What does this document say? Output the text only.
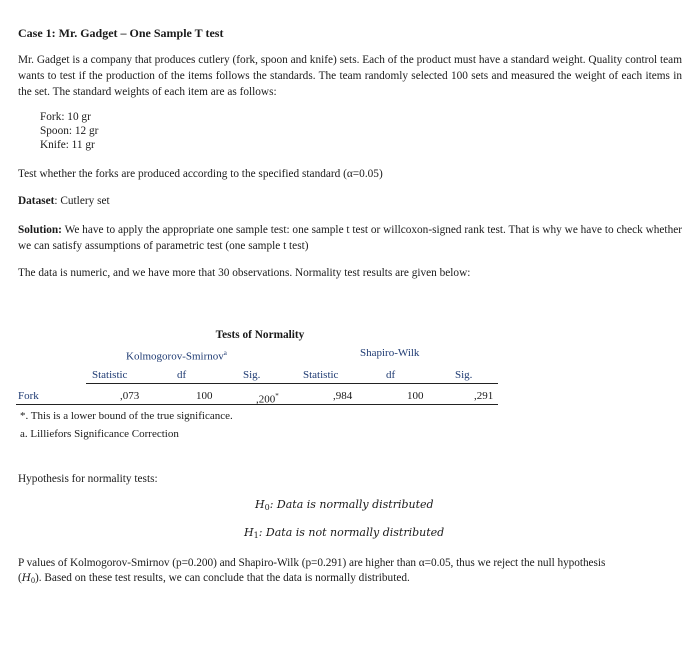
Case 1: Mr. Gadget – One Sample T test
Mr. Gadget is a company that produces cutlery (fork, spoon and knife) sets. Each of the product must have a standard weight. Quality control team wants to test if the production of the items follows the standards. The team randomly selected 100 sets and measured the weight of each items in the set. The standard weights of each item are as follows:
Fork: 10 gr
Spoon: 12 gr
Knife: 11 gr
Test whether the forks are produced according to the specified standard (α=0.05)
Dataset: Cutlery set
Solution: We have to apply the appropriate one sample test: one sample t test or willcoxon-signed rank test. That is why we have to check whether we can satisfy assumptions of parametric test (one sample t test)
The data is numeric, and we have more that 30 observations. Normality test results are given below:
Tests of Normality
Kolmogorov-Smirnov$^a$	Shapiro-Wilk
Statistic	df	Sig.	Statistic	df	Sig.
Fork	,073	100	,200*	,984	100	,291
*. This is a lower bound of the true significance.
a. Lilliefors Significance Correction
Hypothesis for normality tests:
$H_0$: Data is normally distributed
$H_1$: Data is not normally distributed
P values of Kolmogorov-Smirnov (p=0.200) and Shapiro-Wilk (p=0.291) are higher than α=0.05, thus we reject the null hypothesis
$(H_0)$. Based on these test results, we can conclude that the data is normally distributed.
